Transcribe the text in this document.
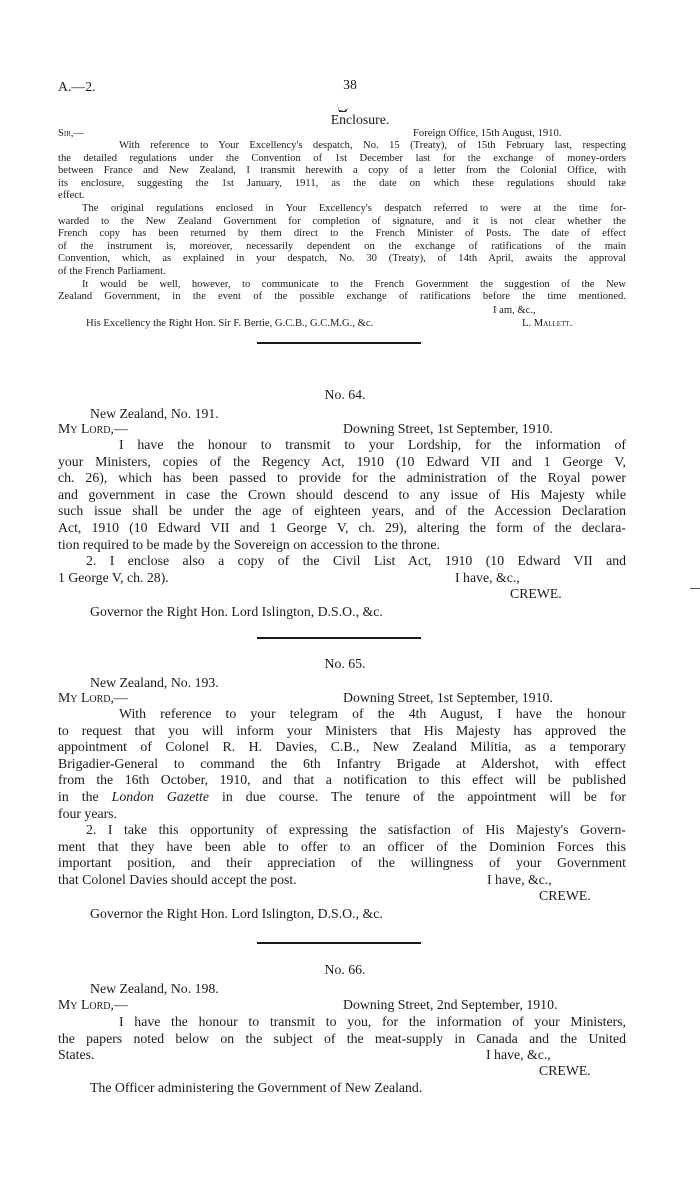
A.—2.	38
Enclosure.
Sir,—	Foreign Office, 15th August, 1910.
With reference to Your Excellency's despatch, No. 15 (Treaty), of 15th February last, respecting
the detailed regulations under the Convention of 1st December last for the exchange of money-orders
between France and New Zealand, I transmit herewith a copy of a letter from the Colonial Office, with
its enclosure, suggesting the 1st January, 1911, as the date on which these regulations should take
effect.
The original regulations enclosed in Your Excellency's despatch referred to were at the time for-
warded to the New Zealand Government for completion of signature, and it is not clear whether the
French copy has been returned by them direct to the French Minister of Posts. The date of effect
of the instrument is, moreover, necessarily dependent on the exchange of ratifications of the main
Convention, which, as explained in your despatch, No. 30 (Treaty), of 14th April, awaits the approval
of the French Parliament.
It would be well, however, to communicate to the French Government the suggestion of the New
Zealand Government, in the event of the possible exchange of ratifications before the time mentioned.
I am, &c.,
His Excellency the Right Hon. Sir F. Bertie, G.C.B., G.C.M.G., &c.	L. Mallett.
No. 64.
New Zealand, No. 191.
My Lord,—	Downing Street, 1st September, 1910.
I have the honour to transmit to your Lordship, for the information of
your Ministers, copies of the Regency Act, 1910 (10 Edward VII and 1 George V,
ch. 26), which has been passed to provide for the administration of the Royal power
and government in case the Crown should descend to any issue of His Majesty while
such issue shall be under the age of eighteen years, and of the Accession Declaration
Act, 1910 (10 Edward VII and 1 George V, ch. 29), altering the form of the declara-
tion required to be made by the Sovereign on accession to the throne.
2. I enclose also a copy of the Civil List Act, 1910 (10 Edward VII and
1 George V, ch. 28).	I have, &c.,
CREWE.
Governor the Right Hon. Lord Islington, D.S.O., &c.
No. 65.
New Zealand, No. 193.
My Lord,—	Downing Street, 1st September, 1910.
With reference to your telegram of the 4th August, I have the honour
to request that you will inform your Ministers that His Majesty has approved the
appointment of Colonel R. H. Davies, C.B., New Zealand Militia, as a temporary
Brigadier-General to command the 6th Infantry Brigade at Aldershot, with effect
from the 16th October, 1910, and that a notification to this effect will be published
in the London Gazette in due course. The tenure of the appointment will be for
four years.
2. I take this opportunity of expressing the satisfaction of His Majesty's Govern-
ment that they have been able to offer to an officer of the Dominion Forces this
important position, and their appreciation of the willingness of your Government
that Colonel Davies should accept the post.	I have, &c.,
CREWE.
Governor the Right Hon. Lord Islington, D.S.O., &c.
No. 66.
New Zealand, No. 198.
My Lord,—	Downing Street, 2nd September, 1910.
I have the honour to transmit to you, for the information of your Ministers,
the papers noted below on the subject of the meat-supply in Canada and the United
States.	I have, &c.,
CREWE.
The Officer administering the Government of New Zealand.
